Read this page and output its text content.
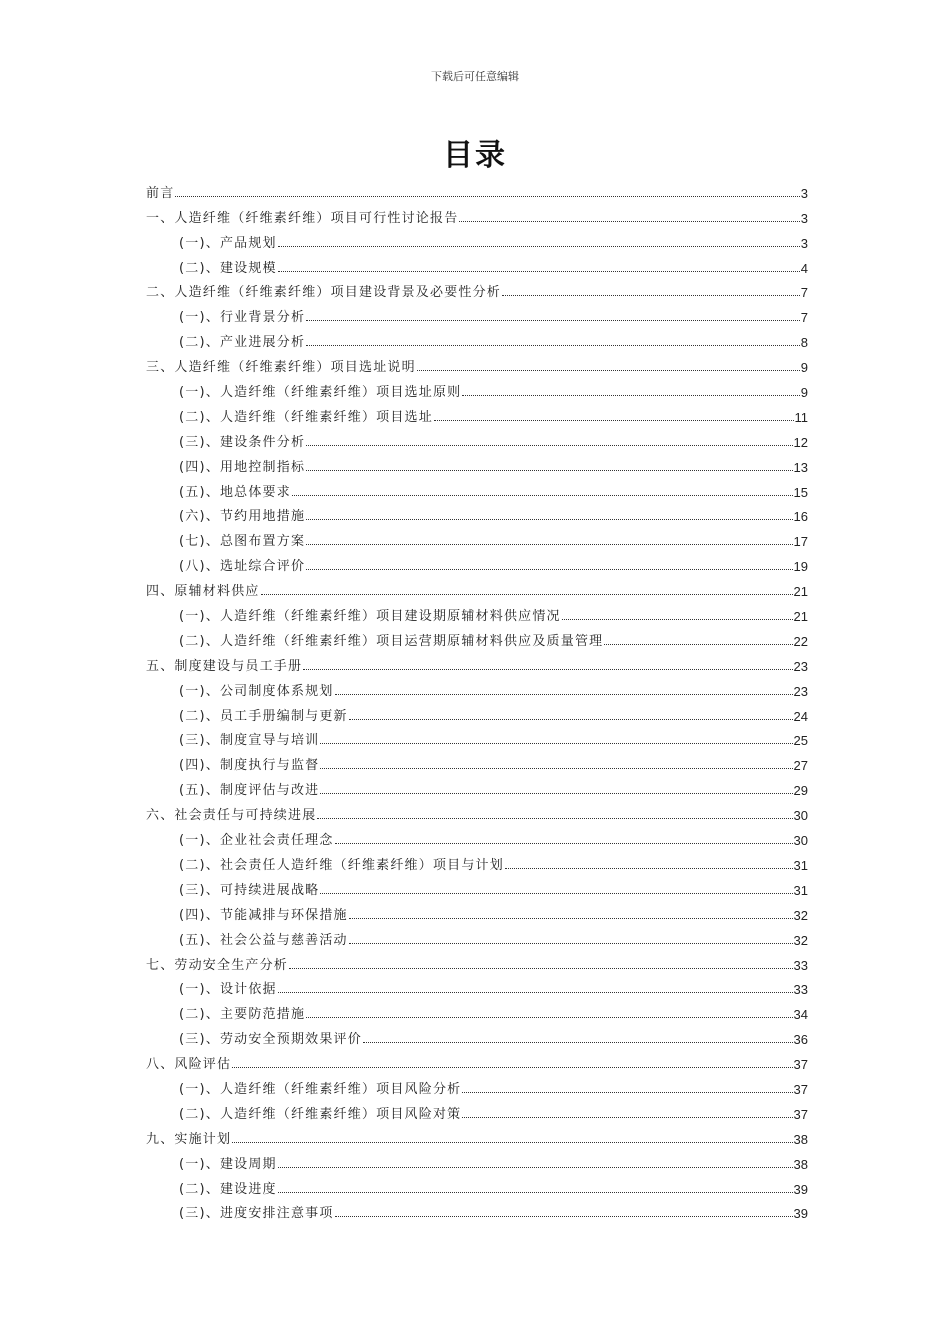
下载后可任意编辑
目录
前言	3
一、人造纤维（纤维素纤维）项目可行性讨论报告	3
(一)、产品规划	3
(二)、建设规模	4
二、人造纤维（纤维素纤维）项目建设背景及必要性分析	7
(一)、行业背景分析	7
(二)、产业进展分析	8
三、人造纤维（纤维素纤维）项目选址说明	9
(一)、人造纤维（纤维素纤维）项目选址原则	9
(二)、人造纤维（纤维素纤维）项目选址	11
(三)、建设条件分析	12
(四)、用地控制指标	13
(五)、地总体要求	15
(六)、节约用地措施	16
(七)、总图布置方案	17
(八)、选址综合评价	19
四、原辅材料供应	21
(一)、人造纤维（纤维素纤维）项目建设期原辅材料供应情况	21
(二)、人造纤维（纤维素纤维）项目运营期原辅材料供应及质量管理	22
五、制度建设与员工手册	23
(一)、公司制度体系规划	23
(二)、员工手册编制与更新	24
(三)、制度宣导与培训	25
(四)、制度执行与监督	27
(五)、制度评估与改进	29
六、社会责任与可持续进展	30
(一)、企业社会责任理念	30
(二)、社会责任人造纤维（纤维素纤维）项目与计划	31
(三)、可持续进展战略	31
(四)、节能减排与环保措施	32
(五)、社会公益与慈善活动	32
七、劳动安全生产分析	33
(一)、设计依据	33
(二)、主要防范措施	34
(三)、劳动安全预期效果评价	36
八、风险评估	37
(一)、人造纤维（纤维素纤维）项目风险分析	37
(二)、人造纤维（纤维素纤维）项目风险对策	37
九、实施计划	38
(一)、建设周期	38
(二)、建设进度	39
(三)、进度安排注意事项	39
